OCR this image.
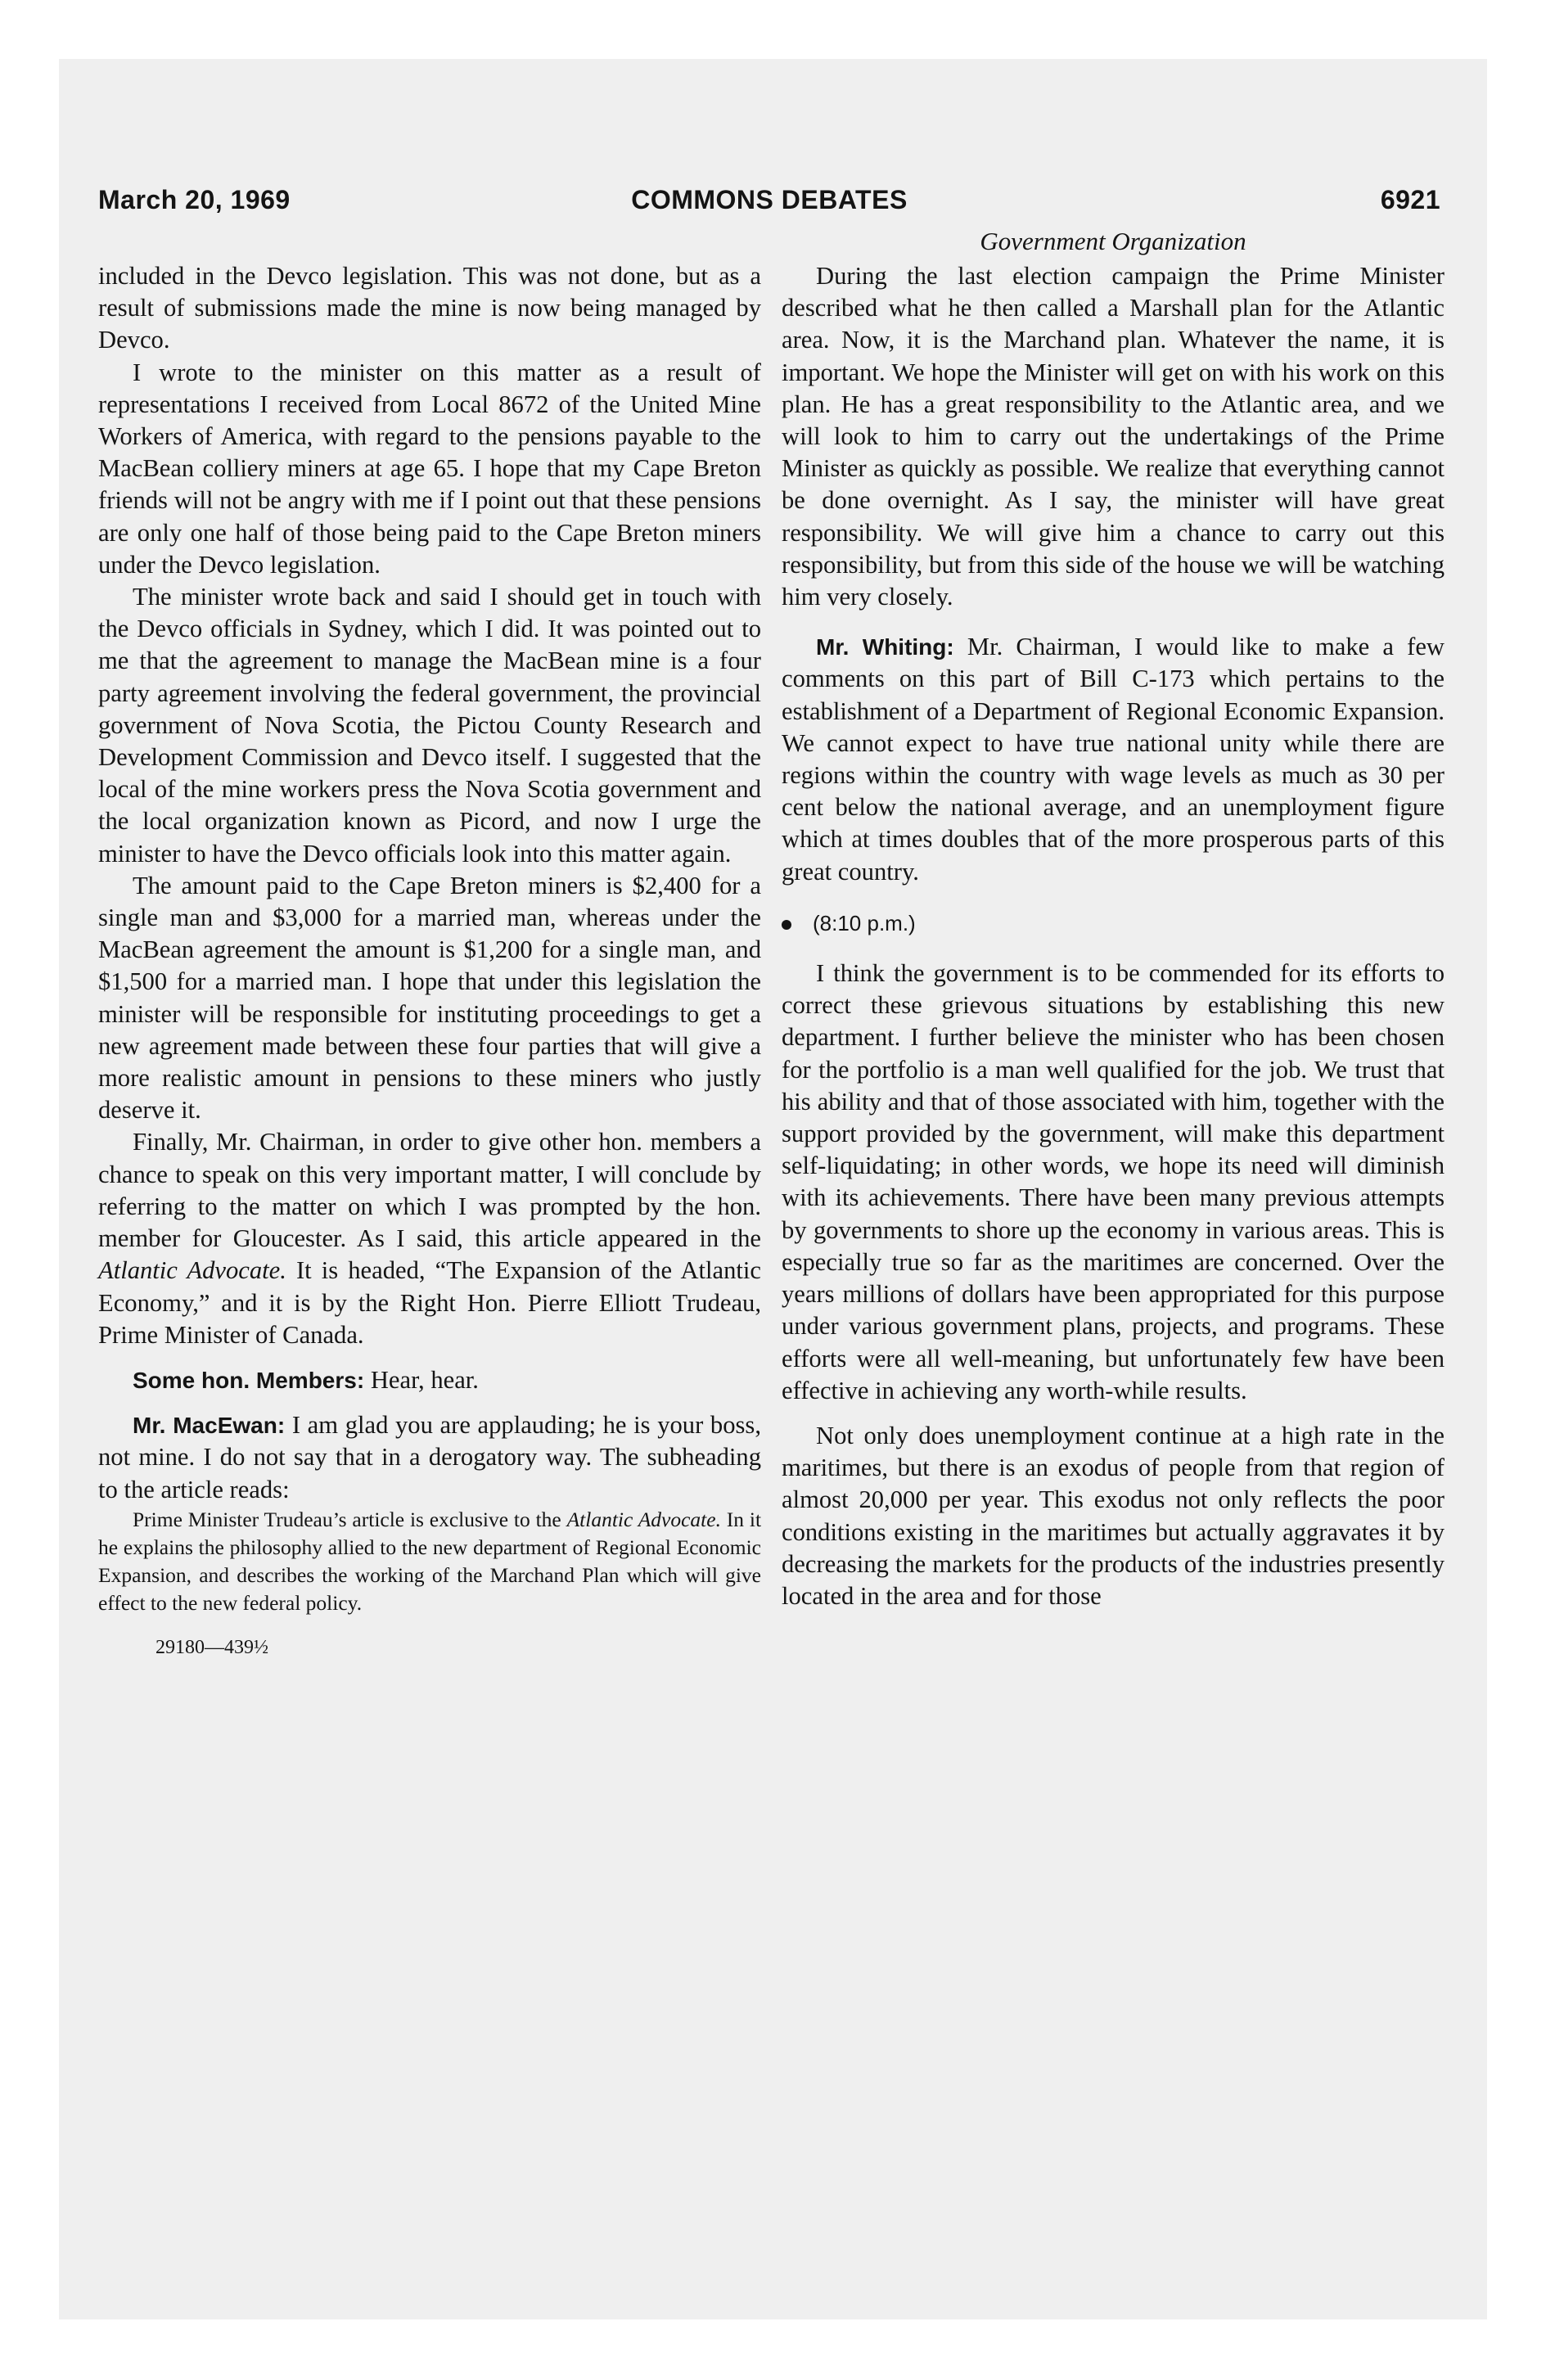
March 20, 1969	COMMONS DEBATES	6921

included in the Devco legislation. This was not done, but as a result of submissions made the mine is now being managed by Devco.

I wrote to the minister on this matter as a result of representations I received from Local 8672 of the United Mine Workers of America, with regard to the pensions payable to the MacBean colliery miners at age 65. I hope that my Cape Breton friends will not be angry with me if I point out that these pensions are only one half of those being paid to the Cape Breton miners under the Devco legislation.

The minister wrote back and said I should get in touch with the Devco officials in Sydney, which I did. It was pointed out to me that the agreement to manage the MacBean mine is a four party agreement involving the federal government, the provincial government of Nova Scotia, the Pictou County Research and Development Commission and Devco itself. I suggested that the local of the mine workers press the Nova Scotia government and the local organization known as Picord, and now I urge the minister to have the Devco officials look into this matter again.

The amount paid to the Cape Breton miners is $2,400 for a single man and $3,000 for a married man, whereas under the MacBean agreement the amount is $1,200 for a single man, and $1,500 for a married man. I hope that under this legislation the minister will be responsible for instituting proceedings to get a new agreement made between these four parties that will give a more realistic amount in pensions to these miners who justly deserve it.

Finally, Mr. Chairman, in order to give other hon. members a chance to speak on this very important matter, I will conclude by referring to the matter on which I was prompted by the hon. member for Gloucester. As I said, this article appeared in the Atlantic Advocate. It is headed, “The Expansion of the Atlantic Economy,” and it is by the Right Hon. Pierre Elliott Trudeau, Prime Minister of Canada.

Some hon. Members: Hear, hear.

Mr. MacEwan: I am glad you are applauding; he is your boss, not mine. I do not say that in a derogatory way. The subheading to the article reads:

Prime Minister Trudeau’s article is exclusive to the Atlantic Advocate. In it he explains the philosophy allied to the new department of Regional Economic Expansion, and describes the working of the Marchand Plan which will give effect to the new federal policy.

29180—439½
Government Organization

During the last election campaign the Prime Minister described what he then called a Marshall plan for the Atlantic area. Now, it is the Marchand plan. Whatever the name, it is important. We hope the Minister will get on with his work on this plan. He has a great responsibility to the Atlantic area, and we will look to him to carry out the undertakings of the Prime Minister as quickly as possible. We realize that everything cannot be done overnight. As I say, the minister will have great responsibility. We will give him a chance to carry out this responsibility, but from this side of the house we will be watching him very closely.

Mr. Whiting: Mr. Chairman, I would like to make a few comments on this part of Bill C-173 which pertains to the establishment of a Department of Regional Economic Expansion. We cannot expect to have true national unity while there are regions within the country with wage levels as much as 30 per cent below the national average, and an unemployment figure which at times doubles that of the more prosperous parts of this great country.

(8:10 p.m.)

I think the government is to be commended for its efforts to correct these grievous situations by establishing this new department. I further believe the minister who has been chosen for the portfolio is a man well qualified for the job. We trust that his ability and that of those associated with him, together with the support provided by the government, will make this department self-liquidating; in other words, we hope its need will diminish with its achievements. There have been many previous attempts by governments to shore up the economy in various areas. This is especially true so far as the maritimes are concerned. Over the years millions of dollars have been appropriated for this purpose under various government plans, projects, and programs. These efforts were all well-meaning, but unfortunately few have been effective in achieving any worth-while results.

Not only does unemployment continue at a high rate in the maritimes, but there is an exodus of people from that region of almost 20,000 per year. This exodus not only reflects the poor conditions existing in the maritimes but actually aggravates it by decreasing the markets for the products of the industries presently located in the area and for those
